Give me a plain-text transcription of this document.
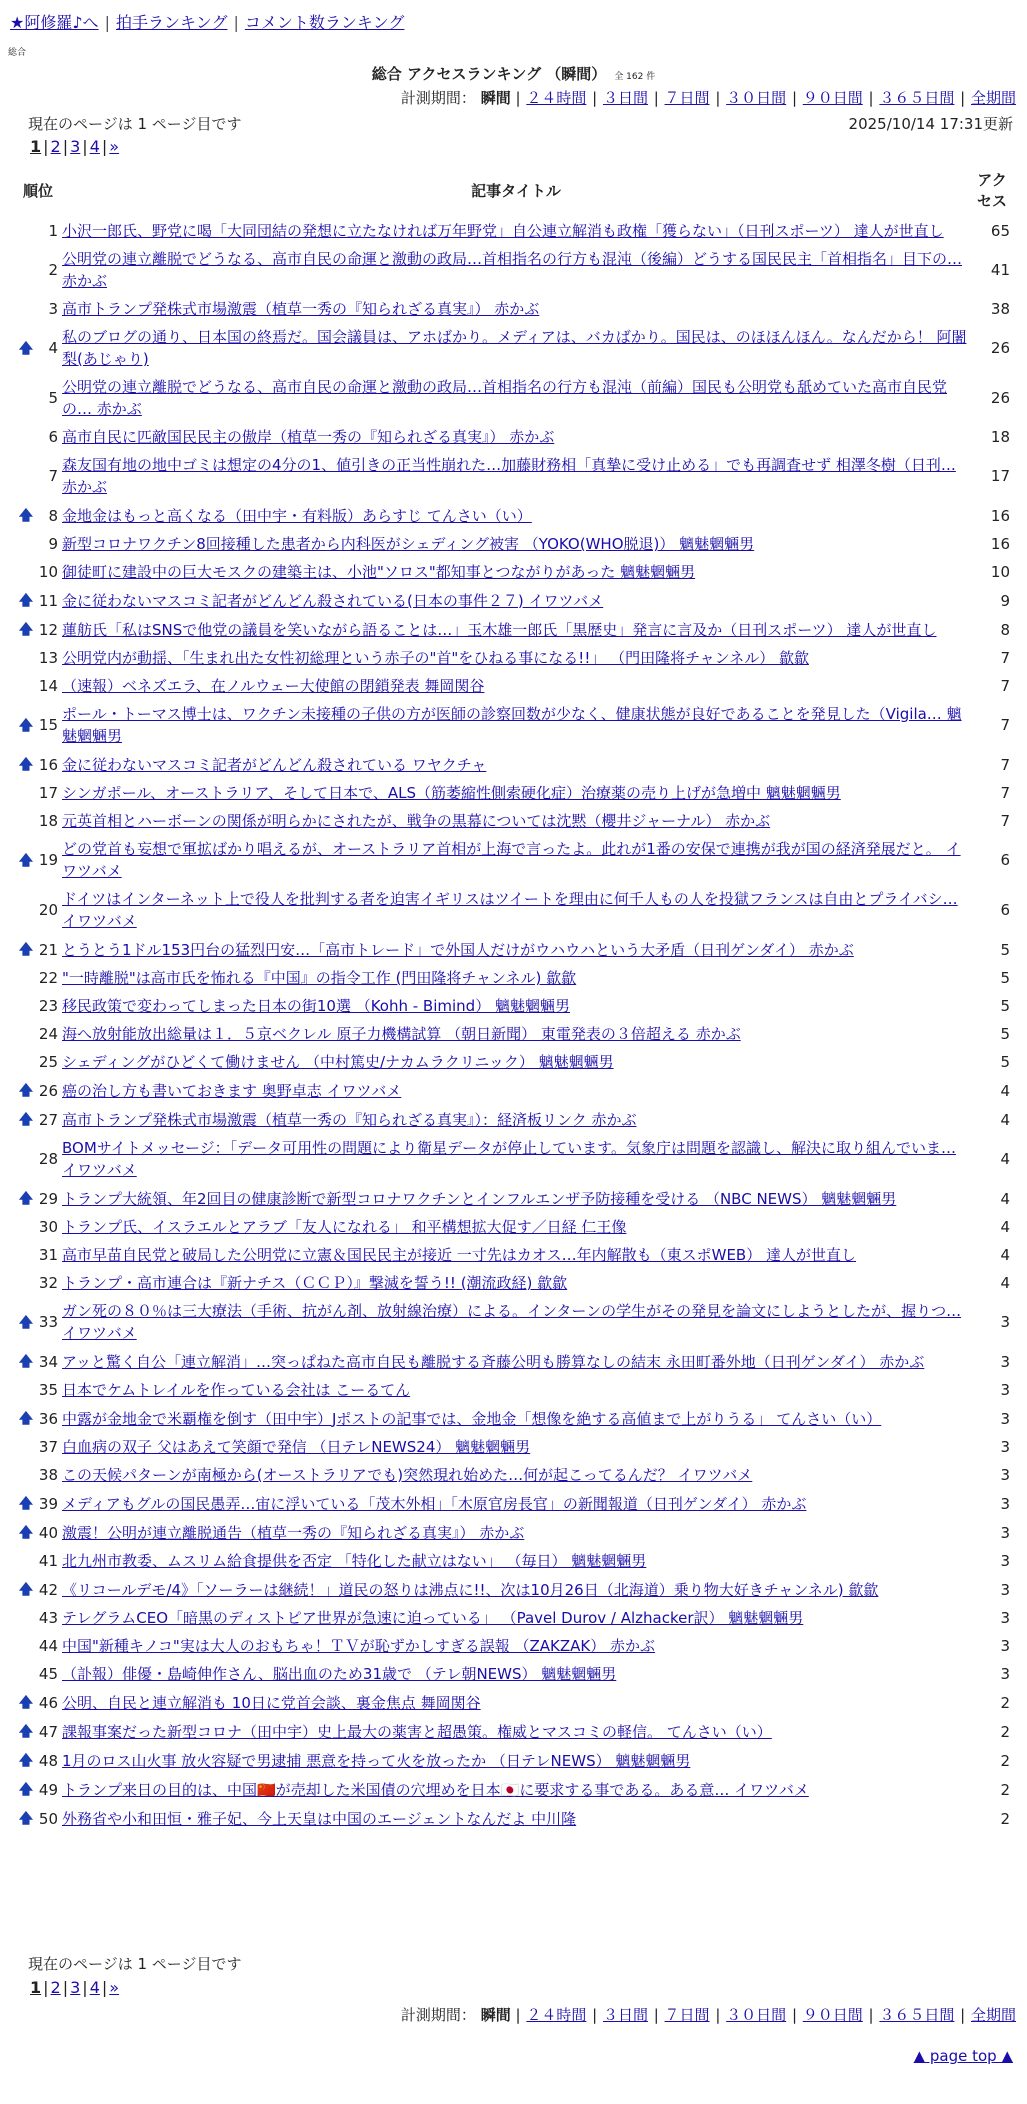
★阿修羅♪へ | 拍手ランキング | コメント数ランキング
総合
総合 アクセスランキング （瞬間） 全 162 件
計測期間： 瞬間 | ２４時間 | ３日間 | ７日間 | ３０日間 | ９０日間 | ３６５日間 | 全期間
現在のページは 1 ページ目です	2025/10/14 17:31更新
1 | 2 | 3 | 4 | »
順位		記事タイトル	アクセス
	1	小沢一郎氏、野党に喝「大同団結の発想に立たなければ万年野党」自公連立解消も政権「獲らない」（日刊スポーツ） 達人が世直し	65
	2	公明党の連立離脱でどうなる、高市自民の命運と激動の政局…首相指名の行方も混沌（後編）どうする国民民主「首相指名」目下の… 赤かぶ	41
	3	高市トランプ発株式市場激震（植草一秀の『知られざる真実』） 赤かぶ	38
🡅	4	私のブログの通り、日本国の終焉だ。国会議員は、アホばかり。メディアは、バカばかり。国民は、のほほんほん。なんだから！ 阿闍梨(あじゃり)	26
	5	公明党の連立離脱でどうなる、高市自民の命運と激動の政局…首相指名の行方も混沌（前編）国民も公明党も舐めていた高市自民党の… 赤かぶ	26
	6	高市自民に匹敵国民民主の傲岸（植草一秀の『知られざる真実』） 赤かぶ	18
	7	森友国有地の地中ゴミは想定の4分の1、値引きの正当性崩れた…加藤財務相「真摯に受け止める」でも再調査せず 相澤冬樹（日刊… 赤かぶ	17
🡅	8	金地金はもっと高くなる（田中宇・有料版）あらすじ てんさい（い）	16
	9	新型コロナワクチン8回接種した患者から内科医がシェディング被害 （YOKO(WHO脱退)） 魑魅魍魎男	16
	10	御徒町に建設中の巨大モスクの建築主は、小池"ソロス"都知事とつながりがあった 魑魅魍魎男	10
🡅	11	金に従わないマスコミ記者がどんどん殺されている(日本の事件２７) イワツバメ	9
🡅	12	蓮舫氏「私はSNSで他党の議員を笑いながら語ることは…」玉木雄一郎氏「黒歴史」発言に言及か（日刊スポーツ） 達人が世直し	8
	13	公明党内が動揺、「生まれ出た女性初総理という赤子の"首"をひねる事になる!!」 （門田隆将チャンネル） 歙歙	7
	14	（速報）ベネズエラ、在ノルウェー大使館の閉鎖発表 舞岡関谷	7
🡅	15	ポール・トーマス博士は、ワクチン未接種の子供の方が医師の診察回数が少なく、健康状態が良好であることを発見した（Vigila… 魑魅魍魎男	7
🡅	16	金に従わないマスコミ記者がどんどん殺されている ワヤクチャ	7
	17	シンガポール、オーストラリア、そして日本で、ALS（筋萎縮性側索硬化症）治療薬の売り上げが急増中 魑魅魍魎男	7
	18	元英首相とハーボーンの関係が明らかにされたが、戦争の黒幕については沈黙（櫻井ジャーナル） 赤かぶ	7
🡅	19	どの党首も妄想で軍拡ばかり唱えるが、オーストラリア首相が上海で言ったよ。此れが1番の安保で連携が我が国の経済発展だと。 イワツバメ	6
	20	ドイツはインターネット上で役人を批判する者を迫害イギリスはツイートを理由に何千人もの人を投獄フランスは自由とプライバシ… イワツバメ	6
🡅	21	とうとう1ドル153円台の猛烈円安…「高市トレード」で外国人だけがウハウハという大矛盾（日刊ゲンダイ） 赤かぶ	5
	22	"一時離脱"は高市氏を怖れる『中国』の指令工作 (門田隆将チャンネル) 歙歙	5
	23	移民政策で変わってしまった日本の街10選 （Kohh - Bimind） 魑魅魍魎男	5
	24	海へ放射能放出総量は１．５京ベクレル 原子力機構試算 （朝日新聞） 東電発表の３倍超える 赤かぶ	5
	25	シェディングがひどくて働けません （中村篤史/ナカムラクリニック） 魑魅魍魎男	5
🡅	26	癌の治し方も書いておきます 奥野卓志 イワツバメ	4
🡅	27	高市トランプ発株式市場激震（植草一秀の『知られざる真実』）：経済板リンク 赤かぶ	4
	28	BOMサイトメッセージ：「データ可用性の問題により衛星データが停止しています。気象庁は問題を認識し、解決に取り組んでいま… イワツバメ	4
🡅	29	トランプ大統領、年2回目の健康診断で新型コロナワクチンとインフルエンザ予防接種を受ける （NBC NEWS） 魑魅魍魎男	4
	30	トランプ氏、イスラエルとアラブ「友人になれる」 和平構想拡大促す／日経 仁王像	4
	31	高市早苗自民党と破局した公明党に立憲＆国民民主が接近 一寸先はカオス…年内解散も（東スポWEB） 達人が世直し	4
	32	トランプ・高市連合は『新ナチス（ＣＣＰ）』撃滅を誓う!! (潮流政経) 歙歙	4
🡅	33	ガン死の８０％は三大療法（手術、抗がん剤、放射線治療）による。インターンの学生がその発見を論文にしようとしたが、握りつ… イワツバメ	3
🡅	34	アッと驚く自公「連立解消」…突っぱねた高市自民も離脱する斉藤公明も勝算なしの結末 永田町番外地（日刊ゲンダイ） 赤かぶ	3
	35	日本でケムトレイルを作っている会社は こーるてん	3
🡅	36	中露が金地金で米覇権を倒す（田中宇）Jポストの記事では、金地金「想像を絶する高値まで上がりうる」 てんさい（い）	3
	37	白血病の双子 父はあえて笑顔で発信 （日テレNEWS24） 魑魅魍魎男	3
	38	この天候パターンが南極から(オーストラリアでも)突然現れ始めた…何が起こってるんだ？ イワツバメ	3
🡅	39	メディアもグルの国民愚弄…宙に浮いている「茂木外相」「木原官房長官」の新聞報道（日刊ゲンダイ） 赤かぶ	3
🡅	40	激震！公明が連立離脱通告（植草一秀の『知られざる真実』） 赤かぶ	3
	41	北九州市教委、ムスリム給食提供を否定 「特化した献立はない」 （毎日） 魑魅魍魎男	3
🡅	42	《リコールデモ/4》「ソーラーは継続！」道民の怒りは沸点に!!、次は10月26日（北海道）乗り物大好きチャンネル) 歙歙	3
	43	テレグラムCEO「暗黒のディストピア世界が急速に迫っている」 （Pavel Durov / Alzhacker訳） 魑魅魍魎男	3
	44	中国"新種キノコ"実は大人のおもちゃ！ＴＶが恥ずかしすぎる誤報 （ZAKZAK） 赤かぶ	3
	45	（訃報）俳優・島崎伸作さん、脳出血のため31歳で （テレ朝NEWS） 魑魅魍魎男	3
🡅	46	公明、自民と連立解消も 10日に党首会談、裏金焦点 舞岡関谷	2
🡅	47	課報事案だった新型コロナ（田中宇）史上最大の薬害と超愚策。権威とマスコミの軽信。 てんさい（い）	2
🡅	48	1月のロス山火事 放火容疑で男逮捕 悪意を持って火を放ったか （日テレNEWS） 魑魅魍魎男	2
🡅	49	トランプ来日の目的は、中国🇨🇳が売却した米国債の穴埋めを日本🇯🇵に要求する事である。ある意… イワツバメ	2
🡅	50	外務省や小和田恒・雅子妃、今上天皇は中国のエージェントなんだよ 中川隆	2
現在のページは 1 ページ目です
1 | 2 | 3 | 4 | »
計測期間： 瞬間 | ２４時間 | ３日間 | ７日間 | ３０日間 | ９０日間 | ３６５日間 | 全期間
▲ page top ▲
